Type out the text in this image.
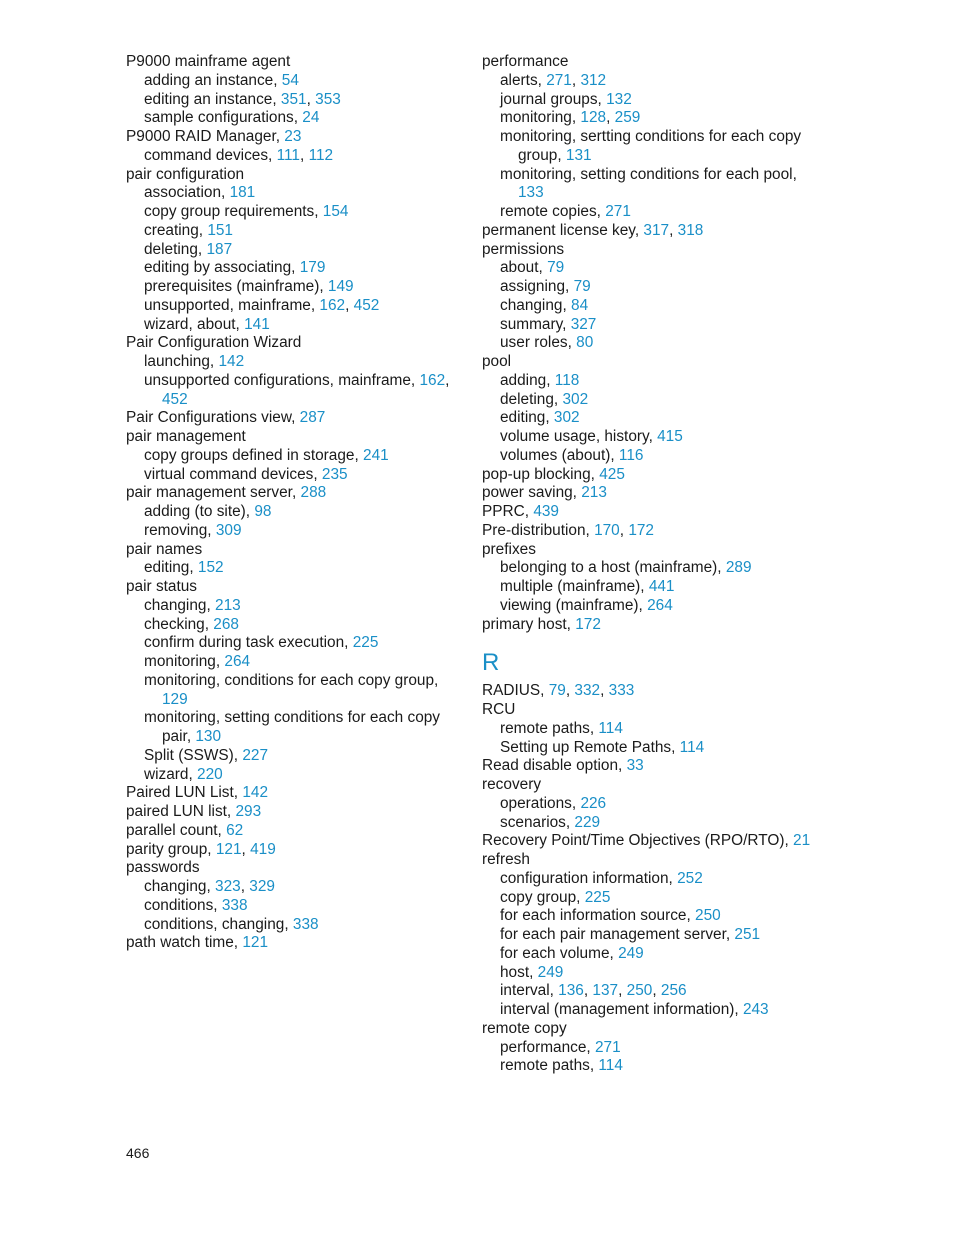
P9000 mainframe agent
adding an instance, 54
editing an instance, 351, 353
sample configurations, 24
P9000 RAID Manager, 23
command devices, 111, 112
pair configuration
association, 181
copy group requirements, 154
creating, 151
deleting, 187
editing by associating, 179
prerequisites (mainframe), 149
unsupported, mainframe, 162, 452
wizard, about, 141
Pair Configuration Wizard
launching, 142
unsupported configurations, mainframe, 162, 452
Pair Configurations view, 287
pair management
copy groups defined in storage, 241
virtual command devices, 235
pair management server, 288
adding (to site), 98
removing, 309
pair names
editing, 152
pair status
changing, 213
checking, 268
confirm during task execution, 225
monitoring, 264
monitoring, conditions for each copy group, 129
monitoring, setting conditions for each copy pair, 130
Split (SSWS), 227
wizard, 220
Paired LUN List, 142
paired LUN list, 293
parallel count, 62
parity group, 121, 419
passwords
changing, 323, 329
conditions, 338
conditions, changing, 338
path watch time, 121
performance
alerts, 271, 312
journal groups, 132
monitoring, 128, 259
monitoring, sertting conditions for each copy group, 131
monitoring, setting conditions for each pool, 133
remote copies, 271
permanent license key, 317, 318
permissions
about, 79
assigning, 79
changing, 84
summary, 327
user roles, 80
pool
adding, 118
deleting, 302
editing, 302
volume usage, history, 415
volumes (about), 116
pop-up blocking, 425
power saving, 213
PPRC, 439
Pre-distribution, 170, 172
prefixes
belonging to a host (mainframe), 289
multiple (mainframe), 441
viewing (mainframe), 264
primary host, 172
R
RADIUS, 79, 332, 333
RCU
remote paths, 114
Setting up Remote Paths, 114
Read disable option, 33
recovery
operations, 226
scenarios, 229
Recovery Point/Time Objectives (RPO/RTO), 21
refresh
configuration information, 252
copy group, 225
for each information source, 250
for each pair management server, 251
for each volume, 249
host, 249
interval, 136, 137, 250, 256
interval (management information), 243
remote copy
performance, 271
remote paths, 114
466
